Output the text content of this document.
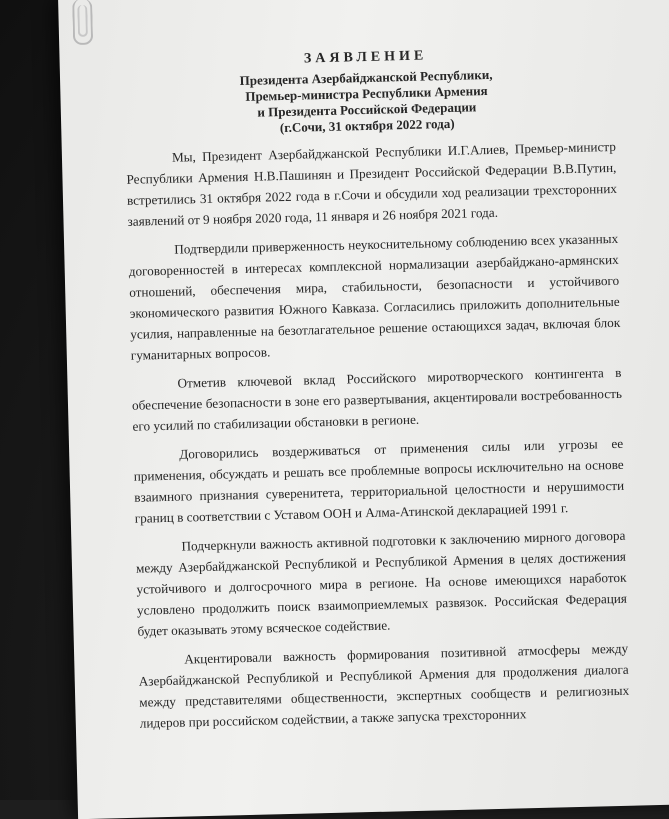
ЗАЯВЛЕНИЕ
Президента Азербайджанской Республики,
Премьер-министра Республики Армения
и Президента Российской Федерации
(г.Сочи, 31 октября 2022 года)

Мы, Президент Азербайджанской Республики И.Г.Алиев, Премьер-министр Республики Армения Н.В.Пашинян и Президент Российской Федерации В.В.Путин, встретились 31 октября 2022 года в г.Сочи и обсудили ход реализации трехсторонних заявлений от 9 ноября 2020 года, 11 января и 26 ноября 2021 года.

Подтвердили приверженность неукоснительному соблюдению всех указанных договоренностей в интересах комплексной нормализации азербайджано-армянских отношений, обеспечения мира, стабильности, безопасности и устойчивого экономического развития Южного Кавказа. Согласились приложить дополнительные усилия, направленные на безотлагательное решение остающихся задач, включая блок гуманитарных вопросов.

Отметив ключевой вклад Российского миротворческого контингента в обеспечение безопасности в зоне его развертывания, акцентировали востребованность его усилий по стабилизации обстановки в регионе.

Договорились воздерживаться от применения силы или угрозы ее применения, обсуждать и решать все проблемные вопросы исключительно на основе взаимного признания суверенитета, территориальной целостности и нерушимости границ в соответствии с Уставом ООН и Алма-Атинской декларацией 1991 г.

Подчеркнули важность активной подготовки к заключению мирного договора между Азербайджанской Республикой и Республикой Армения в целях достижения устойчивого и долгосрочного мира в регионе. На основе имеющихся наработок условлено продолжить поиск взаимоприемлемых развязок. Российская Федерация будет оказывать этому всяческое содействие.

Акцентировали важность формирования позитивной атмосферы между Азербайджанской Республикой и Республикой Армения для продолжения диалога между представителями общественности, экспертных сообществ и религиозных лидеров при российском содействии, а также запуска трехсторонних
